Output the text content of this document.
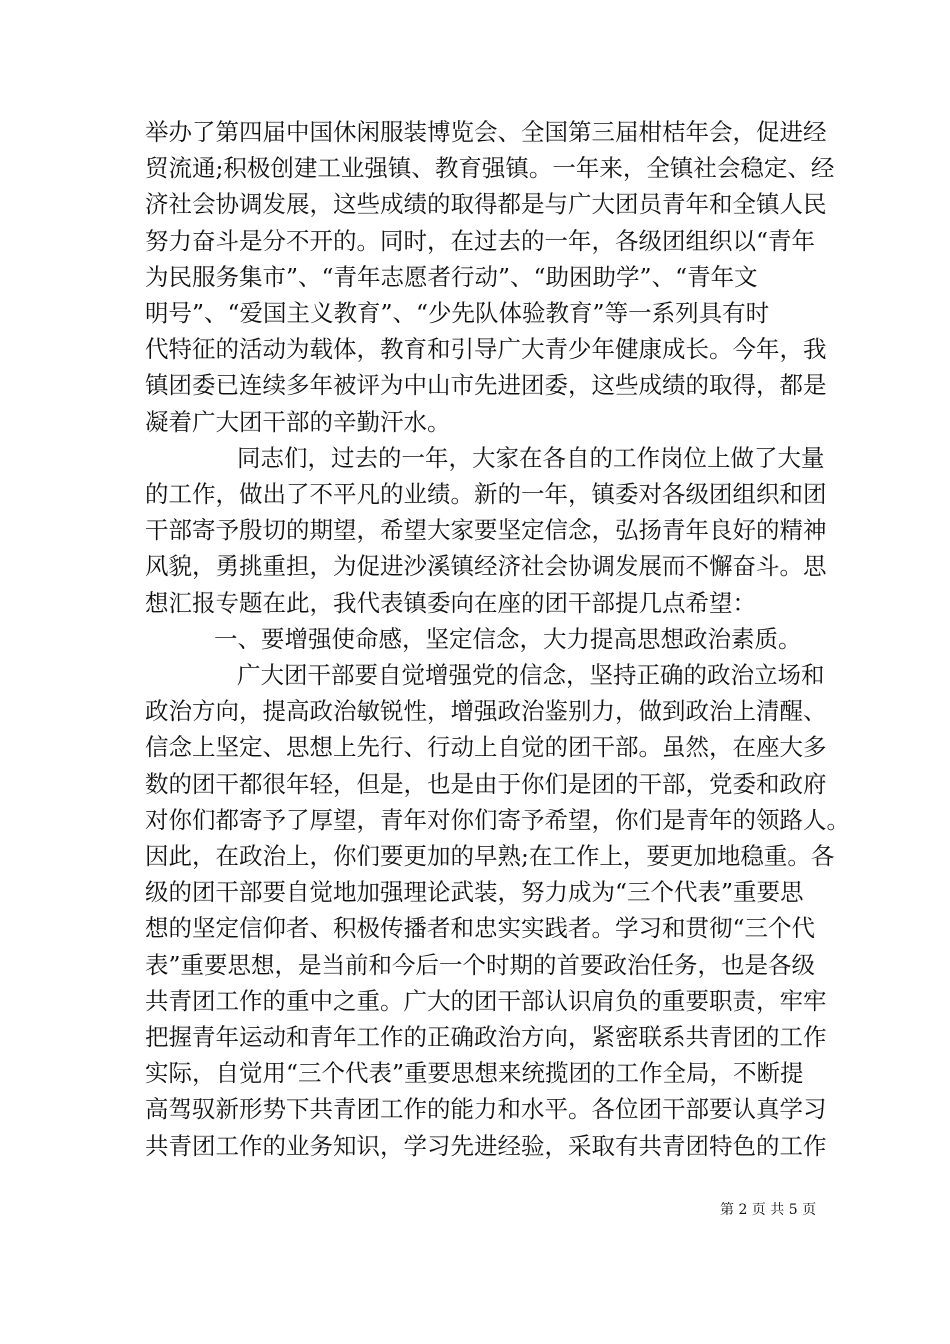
举办了第四届中国休闲服装博览会、全国第三届柑桔年会，促进经
贸流通;积极创建工业强镇、教育强镇。一年来，全镇社会稳定、经
济社会协调发展，这些成绩的取得都是与广大团员青年和全镇人民
努力奋斗是分不开的。同时，在过去的一年，各级团组织以“青年
为民服务集市”、“青年志愿者行动”、“助困助学”、“青年文
明号”、“爱国主义教育”、“少先队体验教育”等一系列具有时
代特征的活动为载体，教育和引导广大青少年健康成长。今年，我
镇团委已连续多年被评为中山市先进团委，这些成绩的取得，都是
凝着广大团干部的辛勤汗水。
同志们，过去的一年，大家在各自的工作岗位上做了大量
的工作，做出了不平凡的业绩。新的一年，镇委对各级团组织和团
干部寄予殷切的期望，希望大家要坚定信念，弘扬青年良好的精神
风貌，勇挑重担，为促进沙溪镇经济社会协调发展而不懈奋斗。思
想汇报专题在此，我代表镇委向在座的团干部提几点希望：
一、要增强使命感，坚定信念，大力提高思想政治素质。
广大团干部要自觉增强党的信念，坚持正确的政治立场和
政治方向，提高政治敏锐性，增强政治鉴别力，做到政治上清醒、
信念上坚定、思想上先行、行动上自觉的团干部。虽然，在座大多
数的团干都很年轻，但是，也是由于你们是团的干部，党委和政府
对你们都寄予了厚望，青年对你们寄予希望，你们是青年的领路人。
因此，在政治上，你们要更加的早熟;在工作上，要更加地稳重。各
级的团干部要自觉地加强理论武装，努力成为“三个代表”重要思
想的坚定信仰者、积极传播者和忠实实践者。学习和贯彻“三个代
表”重要思想，是当前和今后一个时期的首要政治任务，也是各级
共青团工作的重中之重。广大的团干部认识肩负的重要职责，牢牢
把握青年运动和青年工作的正确政治方向，紧密联系共青团的工作
实际，自觉用“三个代表”重要思想来统揽团的工作全局，不断提
高驾驭新形势下共青团工作的能力和水平。各位团干部要认真学习
共青团工作的业务知识，学习先进经验，采取有共青团特色的工作
第 2 页 共 5 页
